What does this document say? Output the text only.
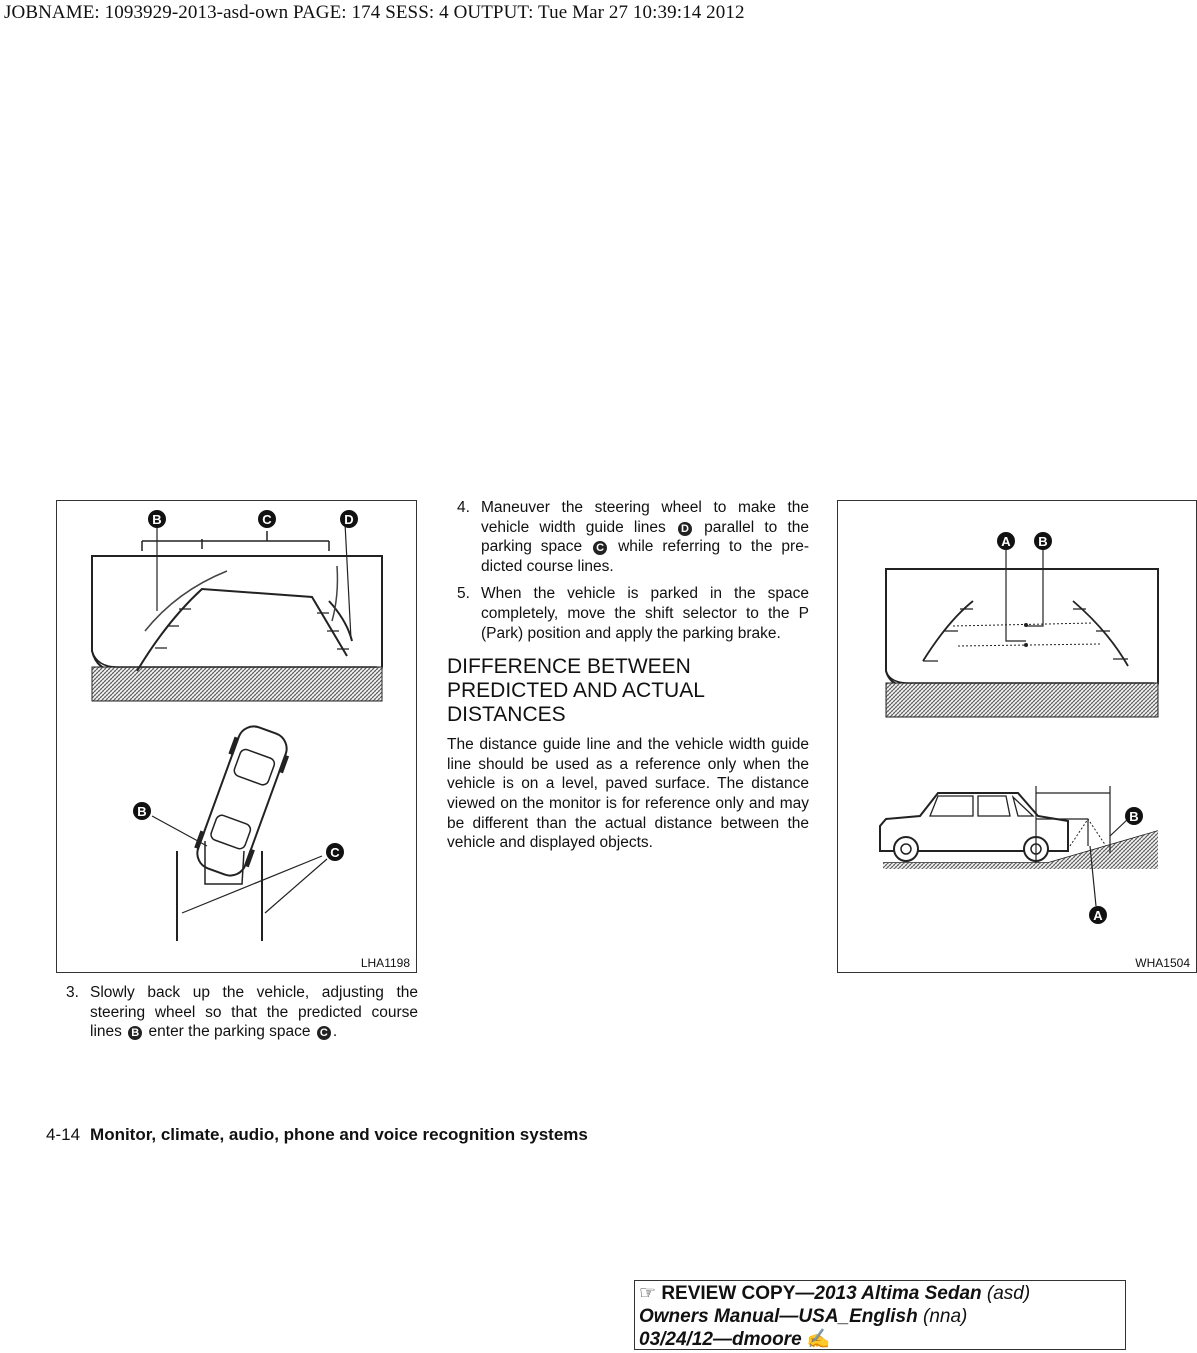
JOBNAME: 1093929-2013-asd-own PAGE: 174 SESS: 4 OUTPUT: Tue Mar 27 10:39:14 2012
B	C	D
B
C
LHA1198
A B
B
A
WHA1504

3. Slowly back up the vehicle, adjusting the steering wheel so that the predicted course lines B enter the parking space C .

4. Maneuver the steering wheel to make the vehicle width guide lines D parallel to the parking space C while referring to the pre-dicted course lines.

5. When the vehicle is parked in the space completely, move the shift selector to the P (Park) position and apply the parking brake.

DIFFERENCE BETWEEN PREDICTED AND ACTUAL DISTANCES

The distance guide line and the vehicle width guide line should be used as a reference only when the vehicle is on a level, paved surface. The distance viewed on the monitor is for reference only and may be different than the actual distance between the vehicle and displayed objects.

4-14 Monitor, climate, audio, phone and voice recognition systems
☞ REVIEW COPY—2013 Altima Sedan (asd)
Owners Manual—USA_English (nna)
03/24/12—dmoore ✍
